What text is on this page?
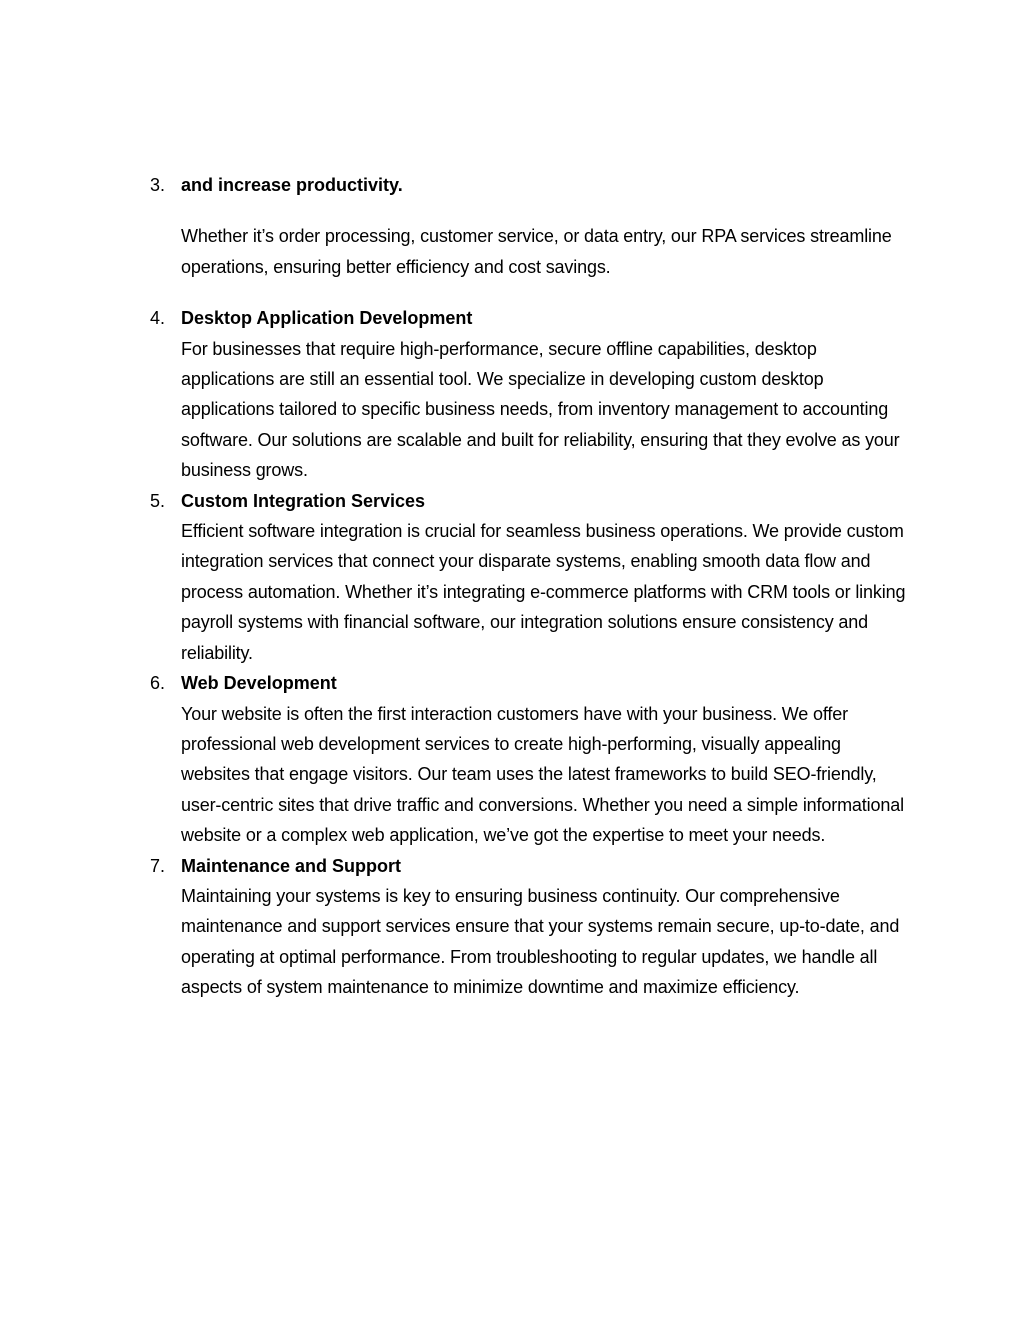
3. and increase productivity.
Whether it’s order processing, customer service, or data entry, our RPA services streamline operations, ensuring better efficiency and cost savings.
4. Desktop Application Development
For businesses that require high-performance, secure offline capabilities, desktop applications are still an essential tool. We specialize in developing custom desktop applications tailored to specific business needs, from inventory management to accounting software. Our solutions are scalable and built for reliability, ensuring that they evolve as your business grows.
5. Custom Integration Services
Efficient software integration is crucial for seamless business operations. We provide custom integration services that connect your disparate systems, enabling smooth data flow and process automation. Whether it’s integrating e-commerce platforms with CRM tools or linking payroll systems with financial software, our integration solutions ensure consistency and reliability.
6. Web Development
Your website is often the first interaction customers have with your business. We offer professional web development services to create high-performing, visually appealing websites that engage visitors. Our team uses the latest frameworks to build SEO-friendly, user-centric sites that drive traffic and conversions. Whether you need a simple informational website or a complex web application, we’ve got the expertise to meet your needs.
7. Maintenance and Support
Maintaining your systems is key to ensuring business continuity. Our comprehensive maintenance and support services ensure that your systems remain secure, up-to-date, and operating at optimal performance. From troubleshooting to regular updates, we handle all aspects of system maintenance to minimize downtime and maximize efficiency.
